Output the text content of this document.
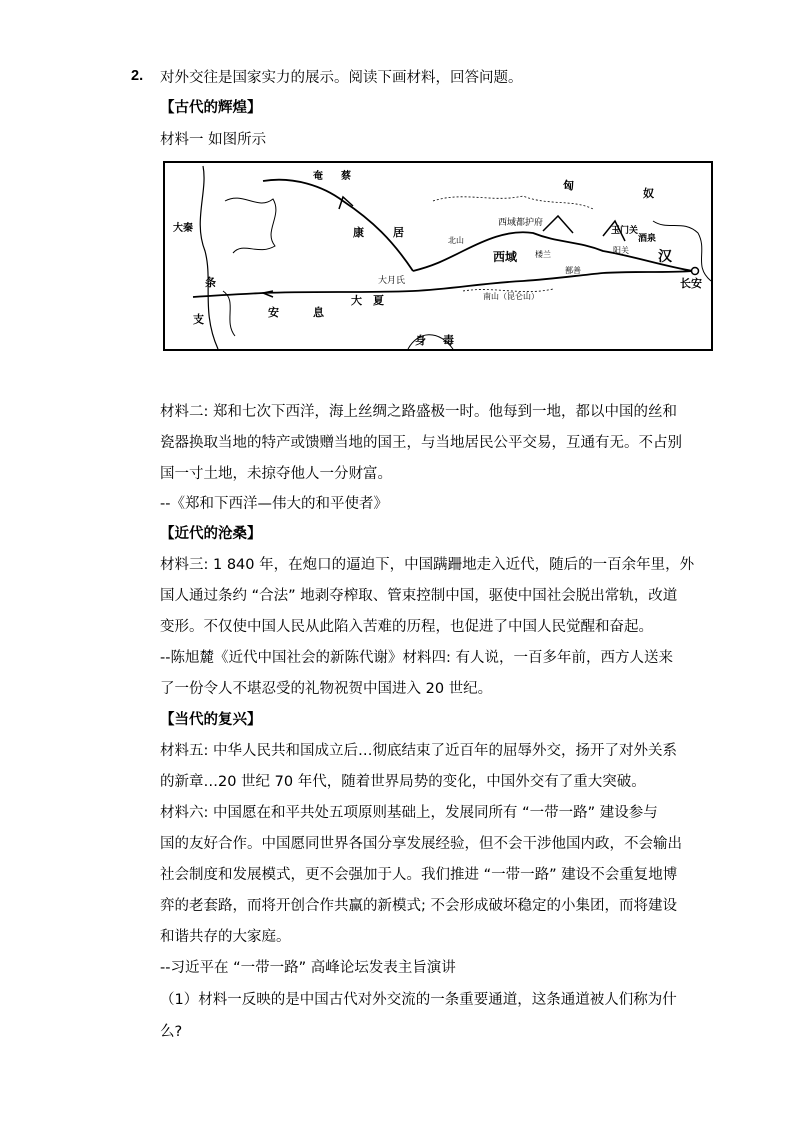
2. 对外交往是国家实力的展示。阅读下画材料，回答问题。
【古代的辉煌】
材料一 如图所示
长安
汉
匈
奴
康	居
安	息
大 夏
身 毒
条
支
大月氏
玉门关
阳关
酒泉
西域都护府
楼兰
鄯善
南山（昆仑山）
北山
奄 蔡
西域
大秦
材料二: 郑和七次下西洋，海上丝绸之路盛极一时。他每到一地，都以中国的丝和
瓷器换取当地的特产或馈赠当地的国王，与当地居民公平交易，互通有无。不占别
国一寸土地，未掠夺他人一分财富。
--《郑和下西洋—伟大的和平使者》
【近代的沧桑】
材料三: 1 840 年，在炮口的逼迫下，中国蹒跚地走入近代，随后的一百余年里，外
国人通过条约 “合法” 地剥夺榨取、管束控制中国，驱使中国社会脱出常轨，改道
变形。不仅使中国人民从此陷入苦难的历程，也促进了中国人民觉醒和奋起。
--陈旭麓《近代中国社会的新陈代谢》材料四: 有人说，一百多年前，西方人送来
了一份令人不堪忍受的礼物祝贺中国进入 20 世纪。
【当代的复兴】
材料五: 中华人民共和国成立后…彻底结束了近百年的屈辱外交，扬开了对外关系
的新章…20 世纪 70 年代，随着世界局势的变化，中国外交有了重大突破。
材料六: 中国愿在和平共处五项原则基础上，发展同所有 “一带一路” 建设参与
国的友好合作。中国愿同世界各国分享发展经验，但不会干涉他国内政，不会输出
社会制度和发展模式，更不会强加于人。我们推进 “一带一路” 建设不会重复地博
弈的老套路，而将开创合作共赢的新模式; 不会形成破坏稳定的小集团，而将建设
和谐共存的大家庭。
--习近平在 “一带一路” 高峰论坛发表主旨演讲
（1）材料一反映的是中国古代对外交流的一条重要通道，这条通道被人们称为什
么?
